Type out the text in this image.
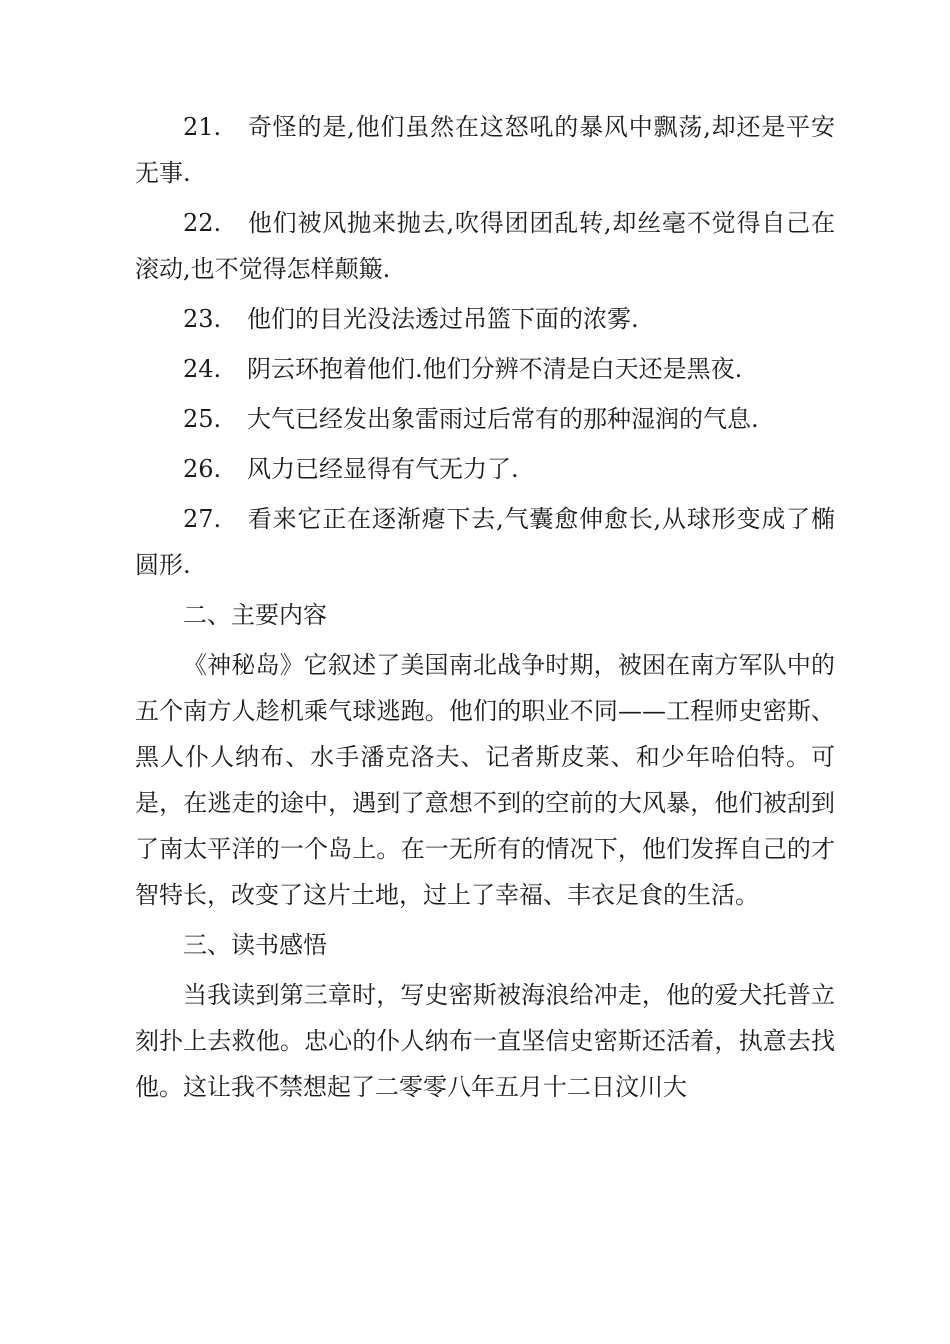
21. 奇怪的是,他们虽然在这怒吼的暴风中飘荡,却还是平安无事.

22. 他们被风抛来抛去,吹得团团乱转,却丝毫不觉得自己在滚动,也不觉得怎样颠簸.

23. 他们的目光没法透过吊篮下面的浓雾.

24. 阴云环抱着他们.他们分辨不清是白天还是黑夜.

25. 大气已经发出象雷雨过后常有的那种湿润的气息.

26. 风力已经显得有气无力了.

27. 看来它正在逐渐瘪下去,气囊愈伸愈长,从球形变成了椭圆形.

二、主要内容

《神秘岛》它叙述了美国南北战争时期，被困在南方军队中的五个南方人趁机乘气球逃跑。他们的职业不同——工程师史密斯、黑人仆人纳布、水手潘克洛夫、记者斯皮莱、和少年哈伯特。可是，在逃走的途中，遇到了意想不到的空前的大风暴，他们被刮到了南太平洋的一个岛上。在一无所有的情况下，他们发挥自己的才智特长，改变了这片土地，过上了幸福、丰衣足食的生活。

三、读书感悟

当我读到第三章时，写史密斯被海浪给冲走，他的爱犬托普立刻扑上去救他。忠心的仆人纳布一直坚信史密斯还活着，执意去找他。这让我不禁想起了二零零八年五月十二日汶川大
